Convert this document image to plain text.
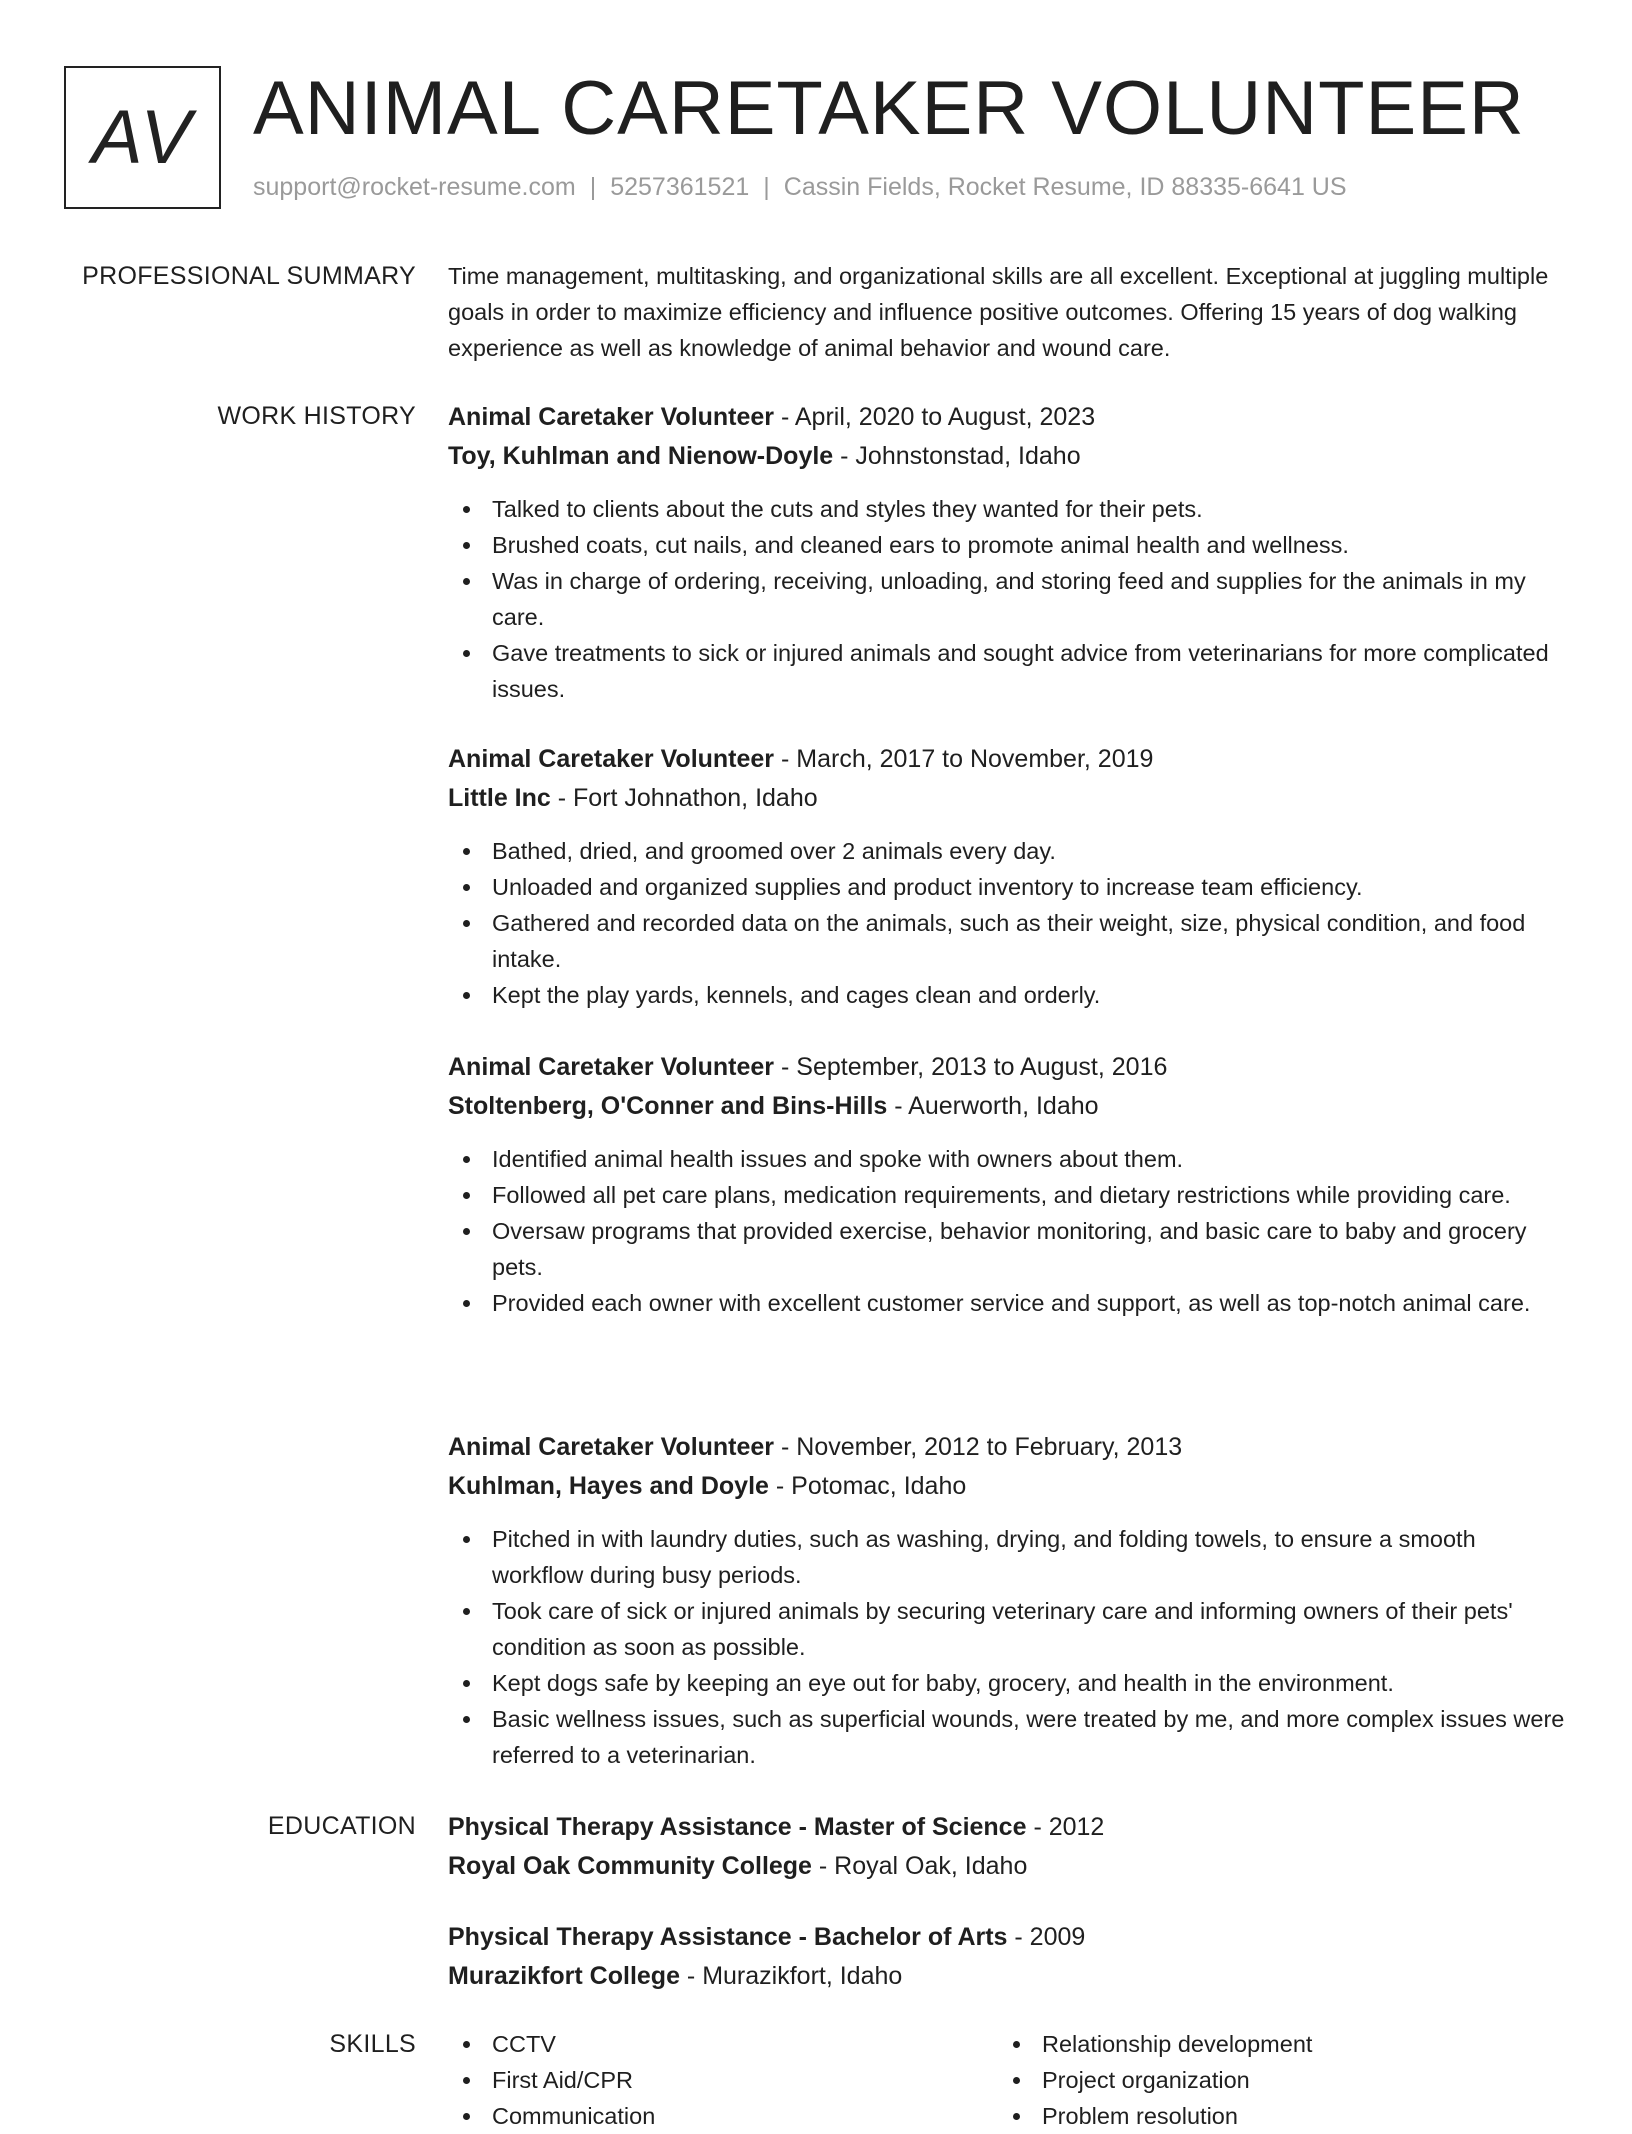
AV ANIMAL CARETAKER VOLUNTEER
support@rocket-resume.com | 5257361521 | Cassin Fields, Rocket Resume, ID 88335-6641 US
PROFESSIONAL SUMMARY Time management, multitasking, and organizational skills are all excellent. Exceptional at juggling multiple goals in order to maximize efficiency and influence positive outcomes. Offering 15 years of dog walking experience as well as knowledge of animal behavior and wound care.
WORK HISTORY Animal Caretaker Volunteer - April, 2020 to August, 2023
Toy, Kuhlman and Nienow-Doyle - Johnstonstad, Idaho
Talked to clients about the cuts and styles they wanted for their pets.
Brushed coats, cut nails, and cleaned ears to promote animal health and wellness.
Was in charge of ordering, receiving, unloading, and storing feed and supplies for the animals in my care.
Gave treatments to sick or injured animals and sought advice from veterinarians for more complicated issues.
Animal Caretaker Volunteer - March, 2017 to November, 2019
Little Inc - Fort Johnathon, Idaho
Bathed, dried, and groomed over 2 animals every day.
Unloaded and organized supplies and product inventory to increase team efficiency.
Gathered and recorded data on the animals, such as their weight, size, physical condition, and food intake.
Kept the play yards, kennels, and cages clean and orderly.
Animal Caretaker Volunteer - September, 2013 to August, 2016
Stoltenberg, O'Conner and Bins-Hills - Auerworth, Idaho
Identified animal health issues and spoke with owners about them.
Followed all pet care plans, medication requirements, and dietary restrictions while providing care.
Oversaw programs that provided exercise, behavior monitoring, and basic care to baby and grocery pets.
Provided each owner with excellent customer service and support, as well as top-notch animal care.
Animal Caretaker Volunteer - November, 2012 to February, 2013
Kuhlman, Hayes and Doyle - Potomac, Idaho
Pitched in with laundry duties, such as washing, drying, and folding towels, to ensure a smooth workflow during busy periods.
Took care of sick or injured animals by securing veterinary care and informing owners of their pets' condition as soon as possible.
Kept dogs safe by keeping an eye out for baby, grocery, and health in the environment.
Basic wellness issues, such as superficial wounds, were treated by me, and more complex issues were referred to a veterinarian.
EDUCATION Physical Therapy Assistance - Master of Science - 2012
Royal Oak Community College - Royal Oak, Idaho
Physical Therapy Assistance - Bachelor of Arts - 2009
Murazikfort College - Murazikfort, Idaho
SKILLS	CCTV
First Aid/CPR
Communication
Relationship development
Project organization
Problem resolution
